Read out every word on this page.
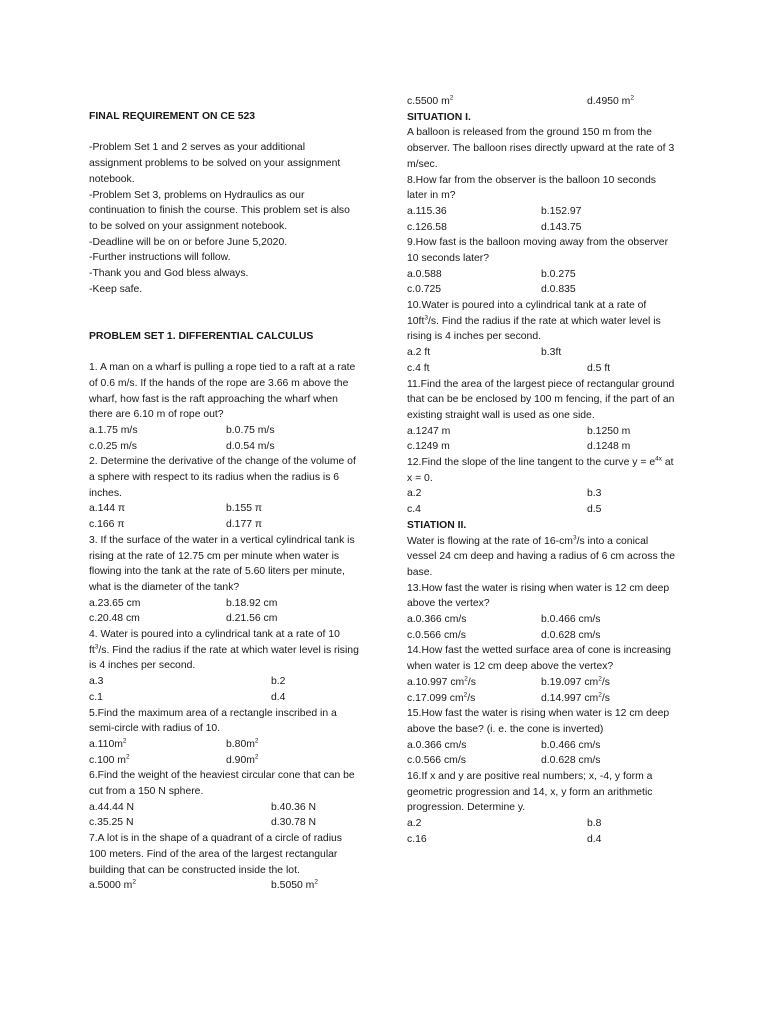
FINAL REQUIREMENT ON CE 523

-Problem Set 1 and 2 serves as your additional assignment problems to be solved on your assignment notebook.

-Problem Set 3, problems on Hydraulics as our continuation to finish the course. This problem set is also to be solved on your assignment notebook.

-Deadline will be on or before June 5,2020.

-Further instructions will follow.

-Thank you and God bless always.

-Keep safe.

PROBLEM SET 1. DIFFERENTIAL CALCULUS

1. A man on a wharf is pulling a rope tied to a raft at a rate of 0.6 m/s. If the hands of the rope are 3.66 m above the wharf, how fast is the raft approaching the wharf when there are 6.10 m of rope out?

a.1.75 m/s	b.0.75 m/s
c.0.25 m/s	d.0.54 m/s

2. Determine the derivative of the change of the volume of a sphere with respect to its radius when the radius is 6 inches.

a.144 π	b.155 π
c.166 π	d.177 π

3. If the surface of the water in a vertical cylindrical tank is rising at the rate of 12.75 cm per minute when water is flowing into the tank at the rate of 5.60 liters per minute, what is the diameter of the tank?

a.23.65 cm	b.18.92 cm
c.20.48 cm	d.21.56 cm

4. Water is poured into a cylindrical tank at a rate of 10 $ft^3/s$. Find the radius if the rate at which water level is rising is 4 inches per second.

a.3	b.2
c.1	d.4

5.Find the maximum area of a rectangle inscribed in a semi-circle with radius of 10.

$a.110m^2$	$b.80m^2$
c.100 $m^2$	$d.90m^2$

6.Find the weight of the heaviest circular cone that can be cut from a 150 N sphere.

a.44.44 N	b.40.36 N
c.35.25 N	d.30.78 N

7.A lot is in the shape of a quadrant of a circle of radius 100 meters. Find of the area of the largest rectangular building that can be constructed inside the lot.

a.5000 $m^2$	b.5050 $m^2$
c.5500 $m^2$	d.4950 $m^2$

SITUATION I.

A balloon is released from the ground 150 m from the observer. The balloon rises directly upward at the rate of 3 m/sec.

8.How far from the observer is the balloon 10 seconds later in m?

a.115.36	b.152.97
c.126.58	d.143.75

9.How fast is the balloon moving away from the observer 10 seconds later?

a.0.588	b.0.275
c.0.725	d.0.835

10.Water is poured into a cylindrical tank at a rate of $10ft^3/s$. Find the radius if the rate at which water level is rising is 4 inches per second.

a.2 ft	b.3ft
c.4 ft	d.5 ft

11.Find the area of the largest piece of rectangular ground that can be be enclosed by 100 m fencing, if the part of an existing straight wall is used as one side.

a.1247 m	b.1250 m
c.1249 m	d.1248 m

12.Find the slope of the line tangent to the curve $y = e^{4x}$ at x = 0.

a.2	b.3
c.4	d.5

STIATION II.

Water is flowing at the rate of $16-cm^3/s$ into a conical vessel 24 cm deep and having a radius of 6 cm across the base.

13.How fast the water is rising when water is 12 cm deep above the vertex?

a.0.366 cm/s	b.0.466 cm/s
c.0.566 cm/s	d.0.628 cm/s

14.How fast the wetted surface area of cone is increasing when water is 12 cm deep above the vertex?

a.10.997 $cm^2/s$	b.19.097 $cm^2/s$
c.17.099 $cm^2/s$	d.14.997 $cm^2/s$

15.How fast the water is rising when water is 12 cm deep above the base? (i. e. the cone is inverted)

a.0.366 cm/s	b.0.466 cm/s
c.0.566 cm/s	d.0.628 cm/s

16.If x and y are positive real numbers; x, -4, y form a geometric progression and 14, x, y form an arithmetic progression. Determine y.

a.2	b.8
c.16	d.4
